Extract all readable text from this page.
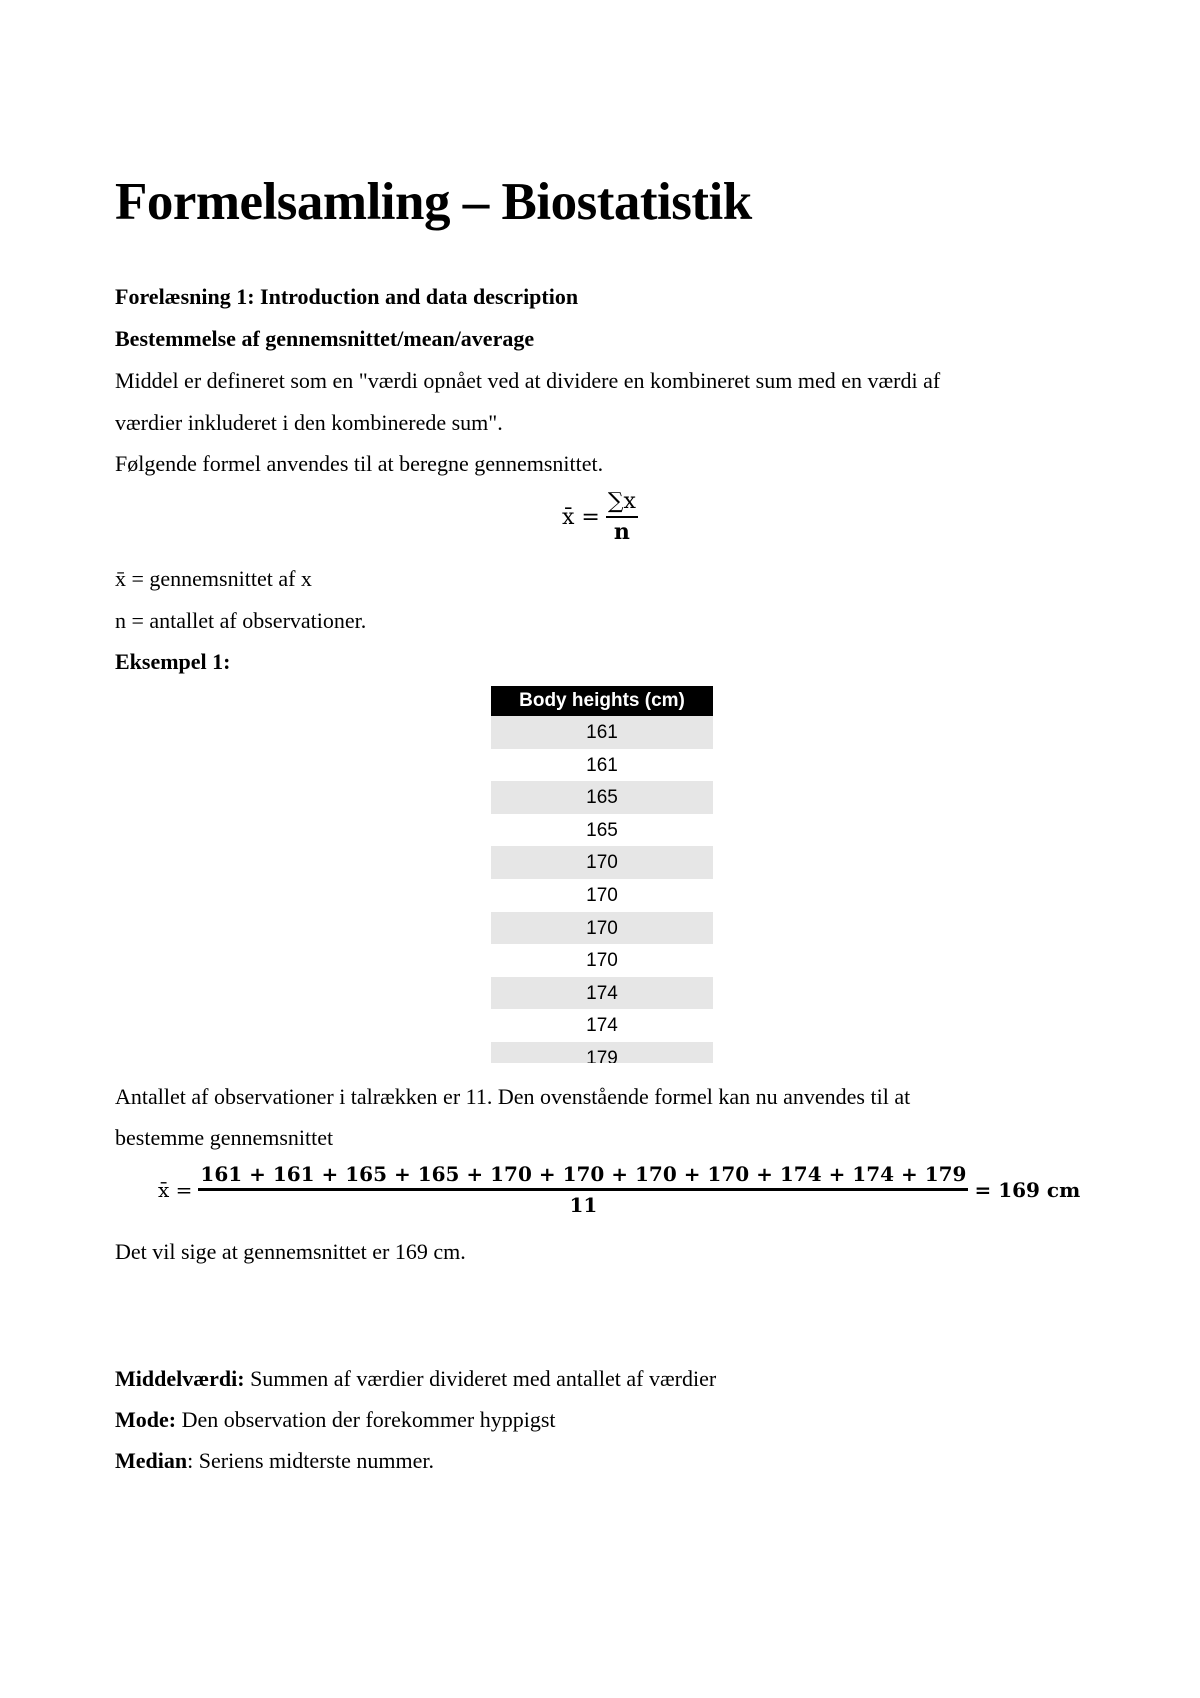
Formelsamling – Biostatistik
Forelæsning 1: Introduction and data description
Bestemmelse af gennemsnittet/mean/average
Middel er defineret som en "værdi opnået ved at dividere en kombineret sum med en værdi af
værdier inkluderet i den kombinerede sum".
Følgende formel anvendes til at beregne gennemsnittet.
x̄ = $\frac{\sum x}{n}$
x̄ = gennemsnittet af x
n = antallet af observationer.
Eksempel 1:
Body heights (cm)
161
161
165
165
170
170
170
170
174
174
179
Antallet af observationer i talrækken er 11. Den ovenstående formel kan nu anvendes til at
bestemme gennemsnittet
x̄ =
161 + 161 + 165 + 165 + 170 + 170 + 170 + 170 + 174 + 174 + 179
11
= 169 cm
Det vil sige at gennemsnittet er 169 cm.
Middelværdi: Summen af værdier divideret med antallet af værdier
Mode: Den observation der forekommer hyppigst
Median: Seriens midterste nummer.
